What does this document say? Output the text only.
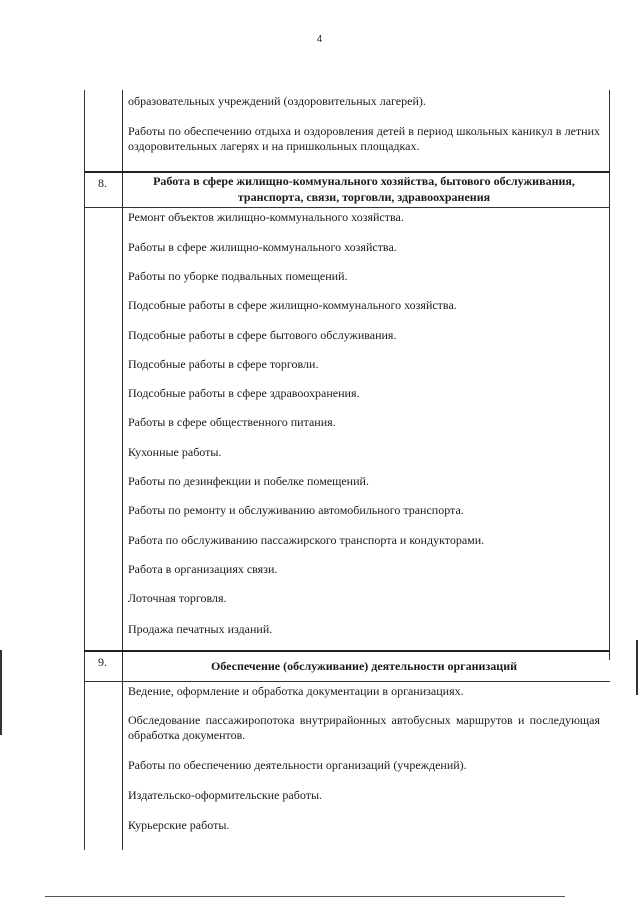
4
образовательных учреждений (оздоровительных лагерей).
Работы по обеспечению отдыха и оздоровления детей в период школьных каникул в летних оздоровительных лагерях и на пришкольных площадках.
8.	Работа в сфере жилищно-коммунального хозяйства, бытового обслуживания, транспорта, связи, торговли, здравоохранения
Ремонт объектов жилищно-коммунального хозяйства.
Работы в сфере жилищно-коммунального хозяйства.
Работы по уборке подвальных помещений.
Подсобные работы в сфере жилищно-коммунального хозяйства.
Подсобные работы в сфере бытового обслуживания.
Подсобные работы в сфере торговли.
Подсобные работы в сфере здравоохранения.
Работы в сфере общественного питания.
Кухонные работы.
Работы по дезинфекции и побелке помещений.
Работы по ремонту и обслуживанию автомобильного транспорта.
Работа по обслуживанию пассажирского транспорта и кондукторами.
Работа в организациях связи.
Лоточная торговля.
Продажа печатных изданий.
9.	Обеспечение (обслуживание) деятельности организаций
Ведение, оформление и обработка документации в организациях.
Обследование пассажиропотока внутрирайонных автобусных маршрутов и последующая обработка документов.
Работы по обеспечению деятельности организаций (учреждений).
Издательско-оформительские работы.
Курьерские работы.
